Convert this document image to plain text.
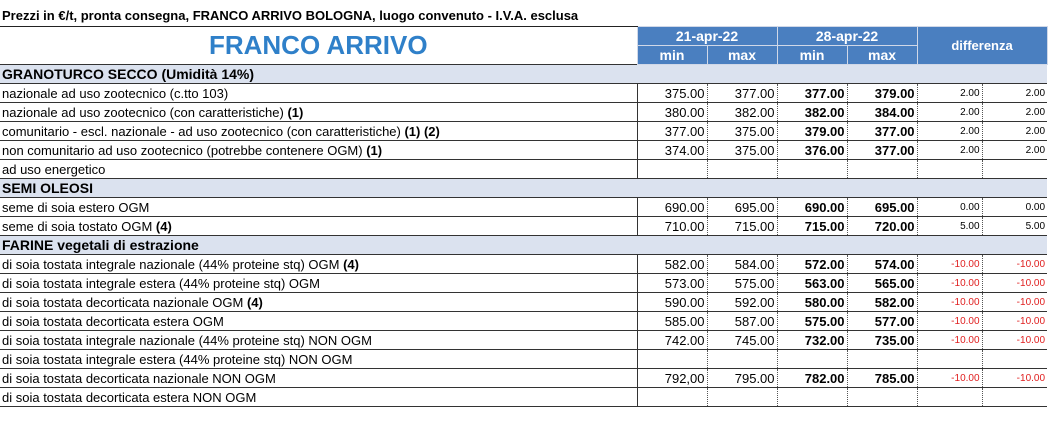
Prezzi in €/t, pronta consegna, FRANCO ARRIVO BOLOGNA, luogo convenuto - I.V.A. esclusa
FRANCO ARRIVO	21-apr-22		28-apr-22		differenza	
	min	max	min	max		
GRANOTURCO SECCO (Umidità 14%)						
nazionale ad uso zootecnico (c.tto 103)	375.00	377.00	377.00	379.00	2.00	2.00
nazionale ad uso zootecnico (con caratteristiche) (1)	380.00	382.00	382.00	384.00	2.00	2.00
comunitario - escl. nazionale - ad uso zootecnico (con caratteristiche) (1) (2)	377.00	375.00	379.00	377.00	2.00	2.00
non comunitario ad uso zootecnico (potrebbe contenere OGM) (1)	374.00	375.00	376.00	377.00	2.00	2.00
ad uso energetico						
SEMI OLEOSI						
seme di soia estero OGM	690.00	695.00	690.00	695.00	0.00	0.00
seme di soia tostato OGM (4)	710.00	715.00	715.00	720.00	5.00	5.00
FARINE vegetali di estrazione						
di soia tostata integrale nazionale (44% proteine stq) OGM (4)	582.00	584.00	572.00	574.00	-10.00	-10.00
di soia tostata integrale estera (44% proteine stq) OGM	573.00	575.00	563.00	565.00	-10.00	-10.00
di soia tostata decorticata nazionale OGM (4)	590.00	592.00	580.00	582.00	-10.00	-10.00
di soia tostata decorticata estera OGM	585.00	587.00	575.00	577.00	-10.00	-10.00
di soia tostata integrale nazionale (44% proteine stq) NON OGM	742.00	745.00	732.00	735.00	-10.00	-10.00
di soia tostata integrale estera (44% proteine stq) NON OGM						
di soia tostata decorticata nazionale NON OGM	792,00	795.00	782.00	785.00	-10.00	-10.00
di soia tostata decorticata estera NON OGM						
